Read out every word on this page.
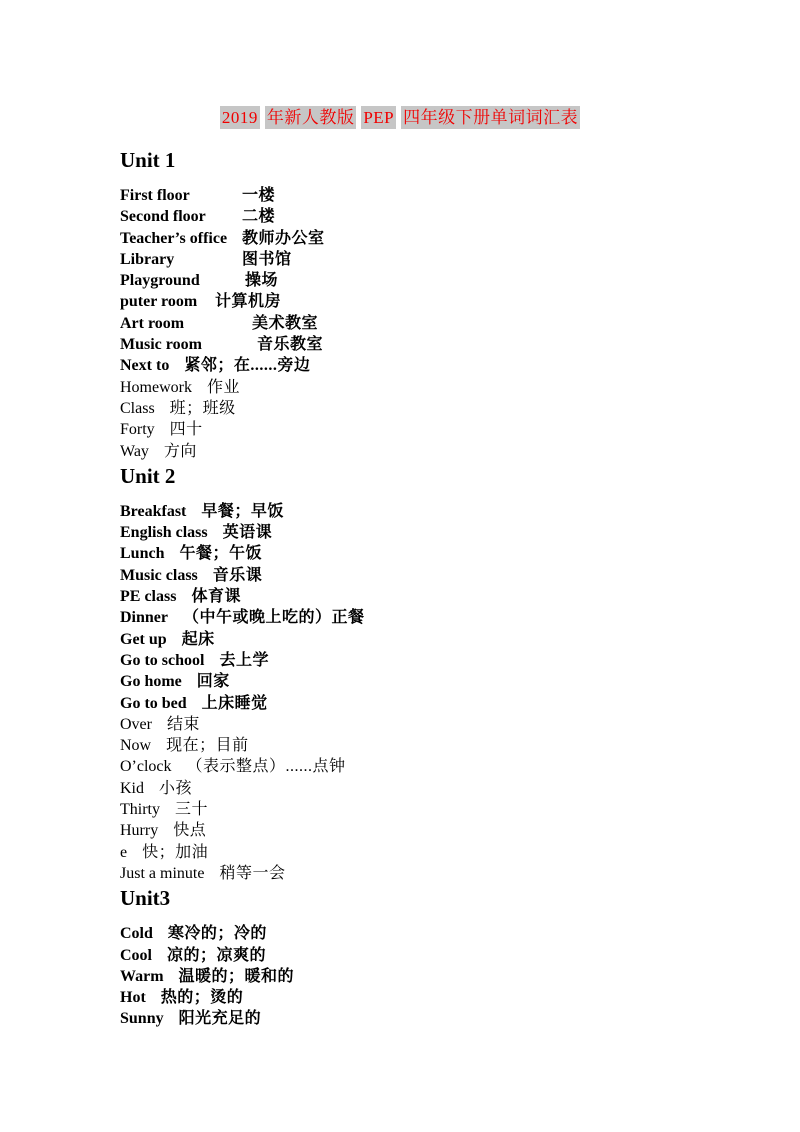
2019 年新人教版 PEP 四年级下册单词词汇表
Unit 1

First floor	一楼

Second floor 二楼

Teacher’s office 教师办公室

Library	图书馆

Playground	操场

puter room 计算机房

Art room	美术教室

Music room	音乐教室

Next to 紧邻；在......旁边

Homework 作业

Class 班；班级

Forty 四十

Way 方向

Unit 2

Breakfast 早餐；早饭

English class 英语课

Lunch 午餐；午饭

Music class 音乐课

PE class 体育课

Dinner （中午或晚上吃的）正餐

Get up 起床

Go to school 去上学

Go home 回家

Go to bed 上床睡觉

Over 结束

Now 现在；目前

O’clock （表示整点）......点钟

Kid 小孩

Thirty 三十

Hurry 快点

e 快；加油

Just a minute 稍等一会

Unit3

Cold 寒冷的；冷的

Cool 凉的；凉爽的

Warm 温暖的；暖和的

Hot 热的；烫的

Sunny 阳光充足的
